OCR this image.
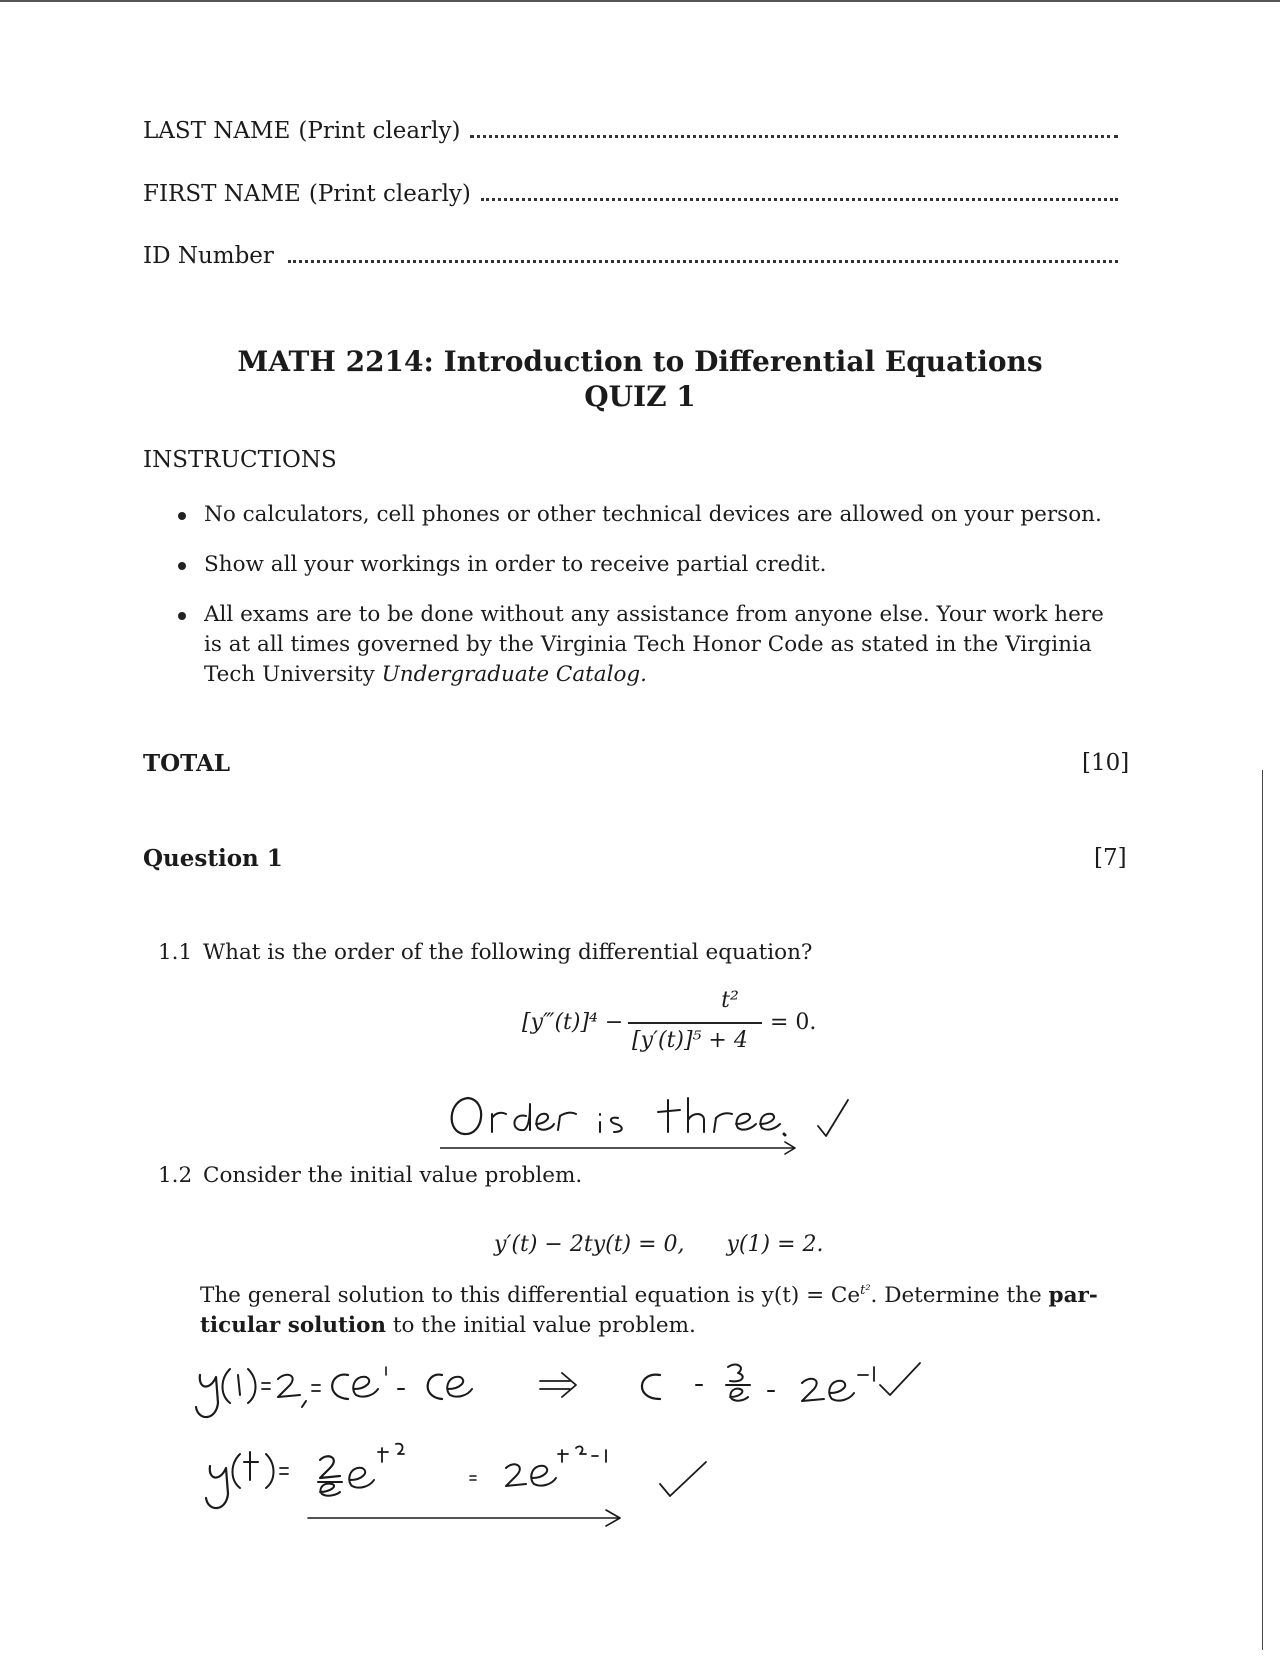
LAST NAME (Print clearly)
FIRST NAME (Print clearly)
ID Number
MATH 2214: Introduction to Differential Equations
QUIZ 1
INSTRUCTIONS
No calculators, cell phones or other technical devices are allowed on your person.
Show all your workings in order to receive partial credit.
All exams are to be done without any assistance from anyone else. Your work here is at all times governed by the Virginia Tech Honor Code as stated in the Virginia Tech University Undergraduate Catalog.
TOTAL	[10]
Question 1	[7]
1.1 What is the order of the following differential equation?
[y‴(t)]⁴ −
t²
[y′(t)]⁵ + 4
= 0.
1.2 Consider the initial value problem.
y′(t) − 2ty(t) = 0,      y(1) = 2.
The general solution to this differential equation is $y(t) = Ce^{t^2}$. Determine the par-
ticular solution to the initial value problem.
